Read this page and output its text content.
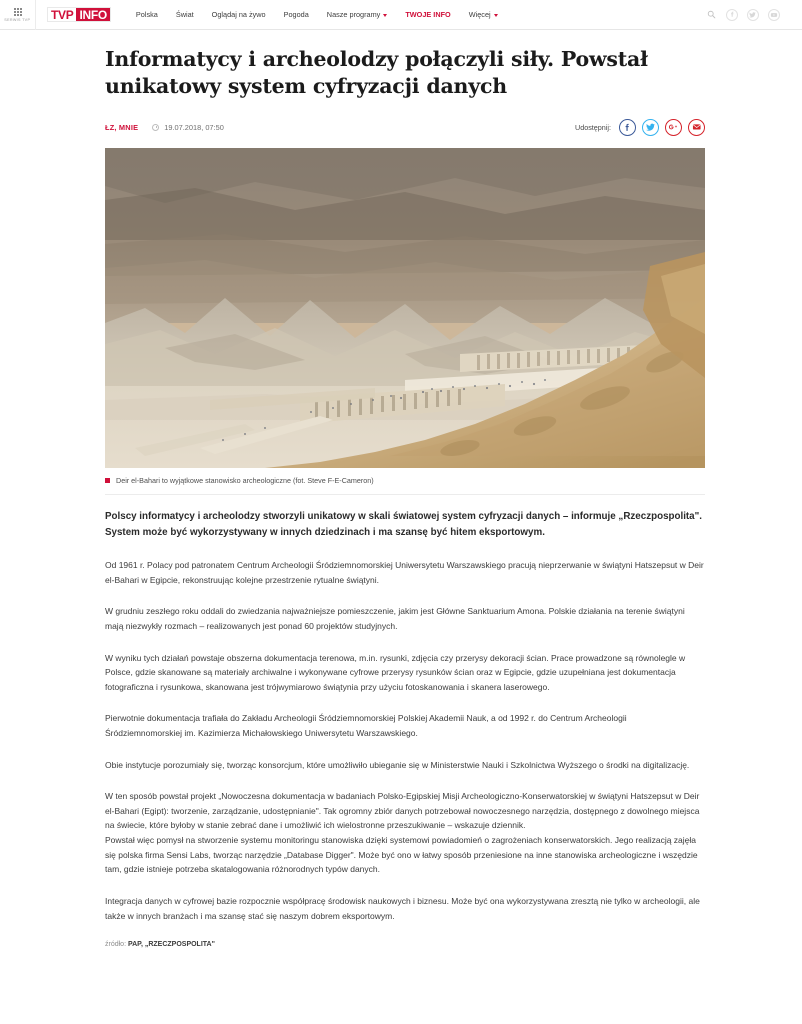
SERWIS TVP TVP INFO	Polska Świat Oglądaj na żywo Pogoda Nasze programy	TWOJE INFO Więcej
Informatycy i archeolodzy połączyli siły. Powstał unikatowy system cyfryzacji danych
ŁZ, MNIE	19.07.2018, 07:50	Udostępnij:
Deir el-Bahari to wyjątkowe stanowisko archeologiczne (fot. Steve F-E-Cameron)

Polscy informatycy i archeolodzy stworzyli unikatowy w skali światowej system cyfryzacji danych – informuje „Rzeczpospolita". System może być wykorzystywany w innych dziedzinach i ma szansę być hitem eksportowym.

Od 1961 r. Polacy pod patronatem Centrum Archeologii Śródziemnomorskiej Uniwersytetu Warszawskiego pracują nieprzerwanie w świątyni Hatszepsut w Deir el-Bahari w Egipcie, rekonstruując kolejne przestrzenie rytualne świątyni.

W grudniu zeszłego roku oddali do zwiedzania najważniejsze pomieszczenie, jakim jest Główne Sanktuarium Amona. Polskie działania na terenie świątyni mają niezwykły rozmach – realizowanych jest ponad 60 projektów studyjnych.

W wyniku tych działań powstaje obszerna dokumentacja terenowa, m.in. rysunki, zdjęcia czy przerysy dekoracji ścian. Prace prowadzone są równolegle w Polsce, gdzie skanowane są materiały archiwalne i wykonywane cyfrowe przerysy rysunków ścian oraz w Egipcie, gdzie uzupełniana jest dokumentacja fotograficzna i rysunkowa, skanowana jest trójwymiarowo świątynia przy użyciu fotoskanowania i skanera laserowego.

Pierwotnie dokumentacja trafiała do Zakładu Archeologii Śródziemnomorskiej Polskiej Akademii Nauk, a od 1992 r. do Centrum Archeologii Śródziemnomorskiej im. Kazimierza Michałowskiego Uniwersytetu Warszawskiego.

Obie instytucje porozumiały się, tworząc konsorcjum, które umożliwiło ubieganie się w Ministerstwie Nauki i Szkolnictwa Wyższego o środki na digitalizację.

W ten sposób powstał projekt „Nowoczesna dokumentacja w badaniach Polsko-Egipskiej Misji Archeologiczno-Konserwatorskiej w świątyni Hatszepsut w Deir el-Bahari (Egipt): tworzenie, zarządzanie, udostępnianie". Tak ogromny zbiór danych potrzebował nowoczesnego narzędzia, dostępnego z dowolnego miejsca na świecie, które byłoby w stanie zebrać dane i umożliwić ich wielostronne przeszukiwanie – wskazuje dziennik.

Powstał więc pomysł na stworzenie systemu monitoringu stanowiska dzięki systemowi powiadomień o zagrożeniach konserwatorskich. Jego realizacją zajęła się polska firma Sensi Labs, tworząc narzędzie „Database Digger". Może być ono w łatwy sposób przeniesione na inne stanowiska archeologiczne i wszędzie tam, gdzie istnieje potrzeba skatalogowania różnorodnych typów danych.

Integracja danych w cyfrowej bazie rozpocznie współpracę środowisk naukowych i biznesu. Może być ona wykorzystywana zresztą nie tylko w archeologii, ale także w innych branżach i ma szansę stać się naszym dobrem eksportowym.

źródło: PAP, „RZECZPOSPOLITA"
